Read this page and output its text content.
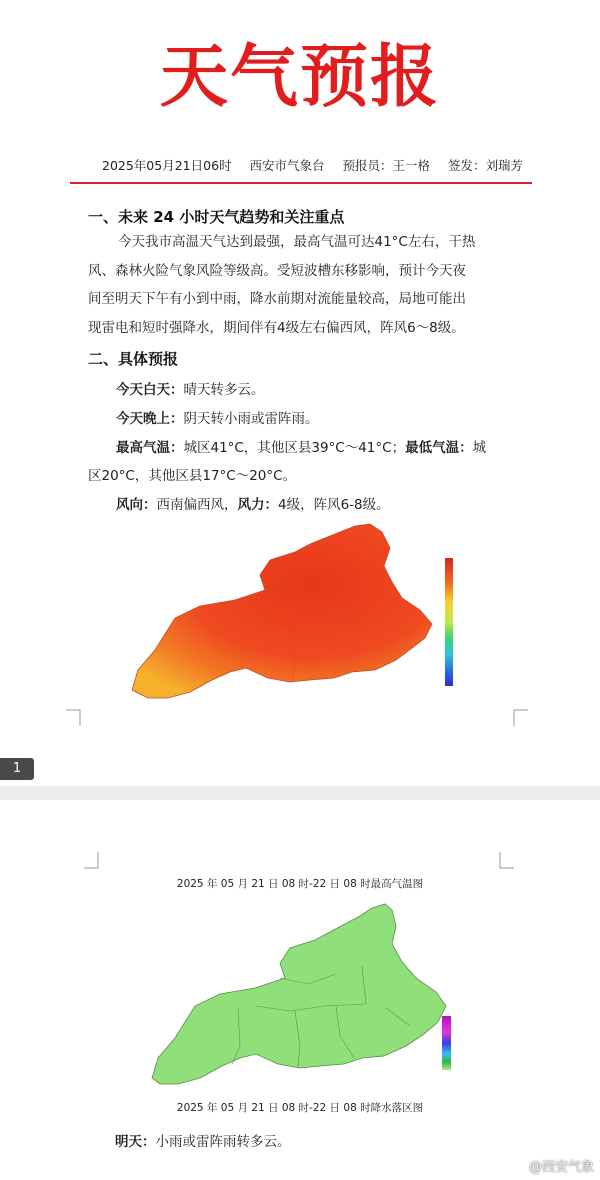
天气预报
2025年05月21日06时 西安市气象台 预报员：王一格 签发：刘瑞芳
一、未来 24 小时天气趋势和关注重点
今天我市高温天气达到最强，最高气温可达41°C左右，干热
风、森林火险气象风险等级高。受短波槽东移影响，预计今天夜
间至明天下午有小到中雨，降水前期对流能量较高，局地可能出
现雷电和短时强降水，期间伴有4级左右偏西风，阵风6～8级。
二、具体预报
今天白天：晴天转多云。
今天晚上：阴天转小雨或雷阵雨。
最高气温：城区41°C，其他区县39°C～41°C；最低气温：城
区20°C，其他区县17°C～20°C。
风向：西南偏西风，风力：4级，阵风6-8级。
·
·
·
·
·
·
1
2025 年 05 月 21 日 08 时-22 日 08 时最高气温图
2025 年 05 月 21 日 08 时-22 日 08 时降水落区图
明天：小雨或雷阵雨转多云。
@西安气象
